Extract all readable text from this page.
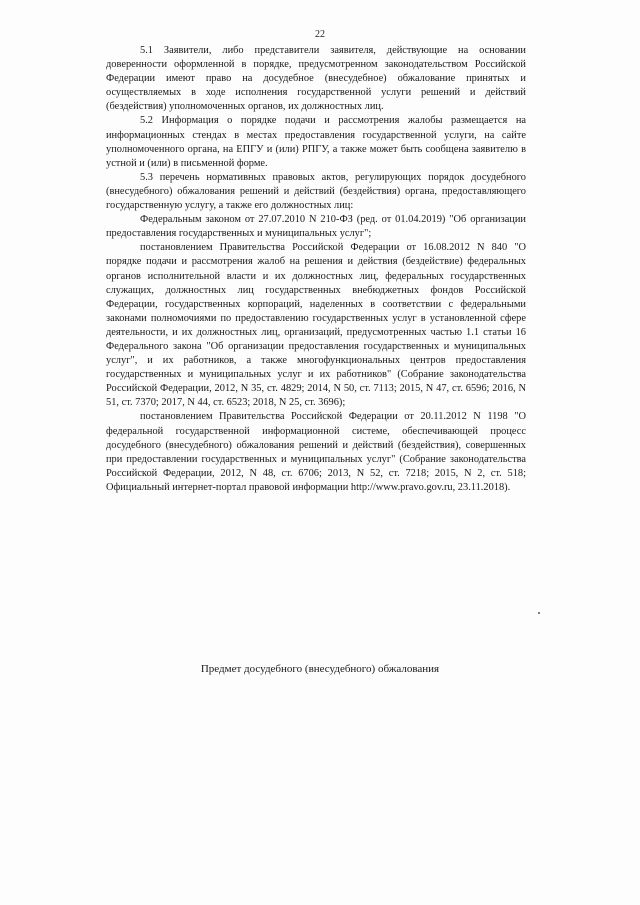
22

5.1 Заявители, либо представители заявителя, действующие на основании доверенности оформленной в порядке, предусмотренном законодательством Российской Федерации имеют право на досудебное (внесудебное) обжалование принятых и осуществляемых в ходе исполнения государственной услуги решений и действий (бездействия) уполномоченных органов, их должностных лиц.

5.2 Информация о порядке подачи и рассмотрения жалобы размещается на информационных стендах в местах предоставления государственной услуги, на сайте уполномоченного органа, на ЕПГУ и (или) РПГУ, а также может быть сообщена заявителю в устной и (или) в письменной форме.

5.3 перечень нормативных правовых актов, регулирующих порядок досудебного (внесудебного) обжалования решений и действий (бездействия) органа, предоставляющего государственную услугу, а также его должностных лиц:

Федеральным законом от 27.07.2010 N 210-ФЗ (ред. от 01.04.2019) "Об организации предоставления государственных и муниципальных услуг";

постановлением Правительства Российской Федерации от 16.08.2012 N 840 "О порядке подачи и рассмотрения жалоб на решения и действия (бездействие) федеральных органов исполнительной власти и их должностных лиц, федеральных государственных служащих, должностных лиц государственных внебюджетных фондов Российской Федерации, государственных корпораций, наделенных в соответствии с федеральными законами полномочиями по предоставлению государственных услуг в установленной сфере деятельности, и их должностных лиц, организаций, предусмотренных частью 1.1 статьи 16 Федерального закона "Об организации предоставления государственных и муниципальных услуг", и их работников, а также многофункциональных центров предоставления государственных и муниципальных услуг и их работников" (Собрание законодательства Российской Федерации, 2012, N 35, ст. 4829; 2014, N 50, ст. 7113; 2015, N 47, ст. 6596; 2016, N 51, ст. 7370; 2017, N 44, ст. 6523; 2018, N 25, ст. 3696);

постановлением Правительства Российской Федерации от 20.11.2012 N 1198 "О федеральной государственной информационной системе, обеспечивающей процесс досудебного (внесудебного) обжалования решений и действий (бездействия), совершенных при предоставлении государственных и муниципальных услуг" (Собрание законодательства Российской Федерации, 2012, N 48, ст. 6706; 2013, N 52, ст. 7218; 2015, N 2, ст. 518; Официальный интернет-портал правовой информации http://www.pravo.gov.ru, 23.11.2018).

Предмет досудебного (внесудебного) обжалования
